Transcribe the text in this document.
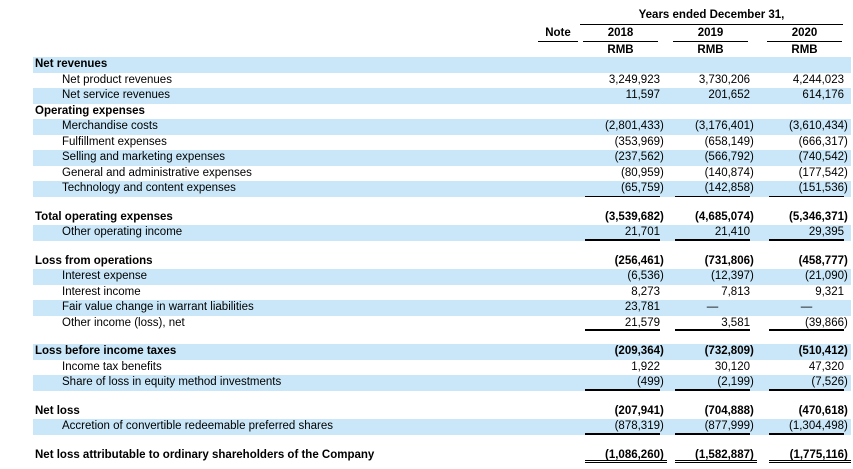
Years ended December 31,
Note	2018	2019	2020
RMB	RMB	RMB
Net revenues
Net product revenues	3,249,923	3,730,206	4,244,023
Net service revenues	11,597	201,652	614,176
Operating expenses
Merchandise costs	(2,801,433 )	(3,176,401 )	(3,610,434 )
Fulfillment expenses	(353,969 )	(658,149 )	(666,317 )
Selling and marketing expenses	(237,562 )	(566,792 )	(740,542 )
General and administrative expenses	(80,959 )	(140,874 )	(177,542 )
Technology and content expenses	(65,759 )	(142,858 )	(151,536 )
Total operating expenses	(3,539,682 )	(4,685,074 )	(5,346,371 )
Other operating income	21,701	21,410	29,395
Loss from operations	(256,461 )	(731,806 )	(458,777 )
Interest expense	(6,536 )	(12,397 )	(21,090 )
Interest income	8,273	7,813	9,321
Fair value change in warrant liabilities	23,781	—	—
Other income (loss), net	21,579	3,581	(39,866 )
Loss before income taxes	(209,364 )	(732,809 )	(510,412 )
Income tax benefits	1,922	30,120	47,320
Share of loss in equity method investments	(499 )	(2,199 )	(7,526 )
Net loss	(207,941 )	(704,888 )	(470,618 )
Accretion of convertible redeemable preferred shares	(878,319 )	(877,999 )	(1,304,498 )
Net loss attributable to ordinary shareholders of the Company	(1,086,260 )	(1,582,887 )	(1,775,116 )
